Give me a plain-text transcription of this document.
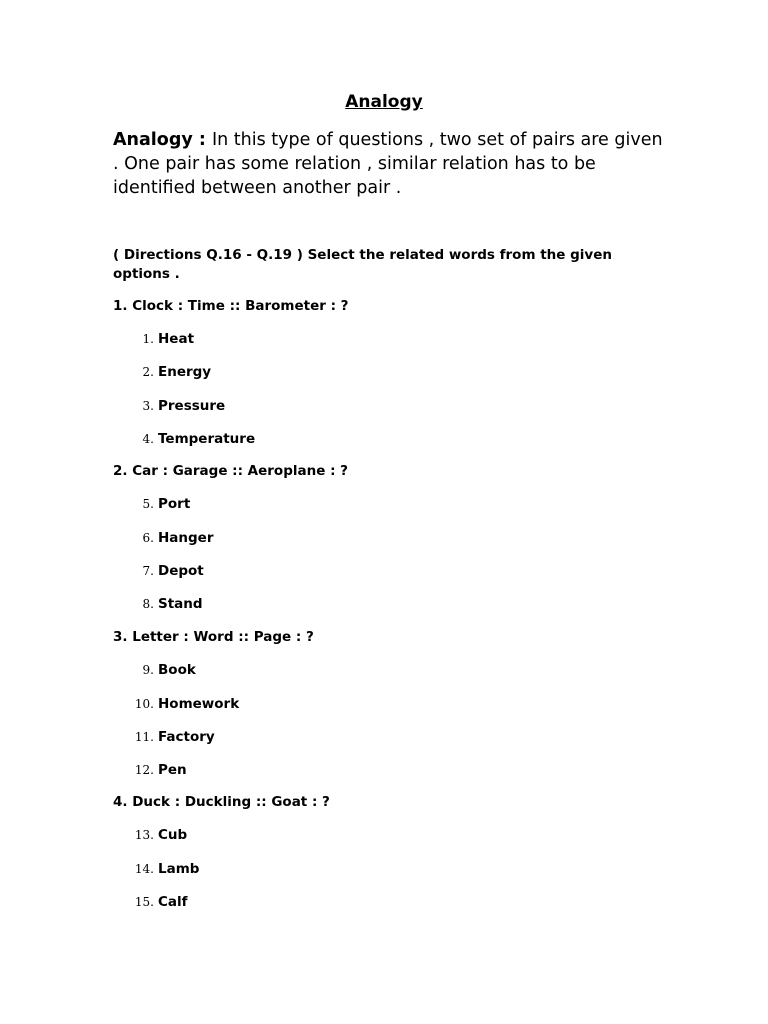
Analogy
Analogy : In this type of questions , two set of pairs are given . One pair has some relation , similar relation has to be identified between another pair .
( Directions Q.16 - Q.19 ) Select the related words from the given options .
1. Clock : Time :: Barometer : ?
1. Heat
2. Energy
3. Pressure
4. Temperature
2. Car : Garage :: Aeroplane : ?
5. Port
6. Hanger
7. Depot
8. Stand
3. Letter : Word :: Page : ?
9. Book
10. Homework
11. Factory
12. Pen
4. Duck : Duckling :: Goat : ?
13. Cub
14. Lamb
15. Calf
